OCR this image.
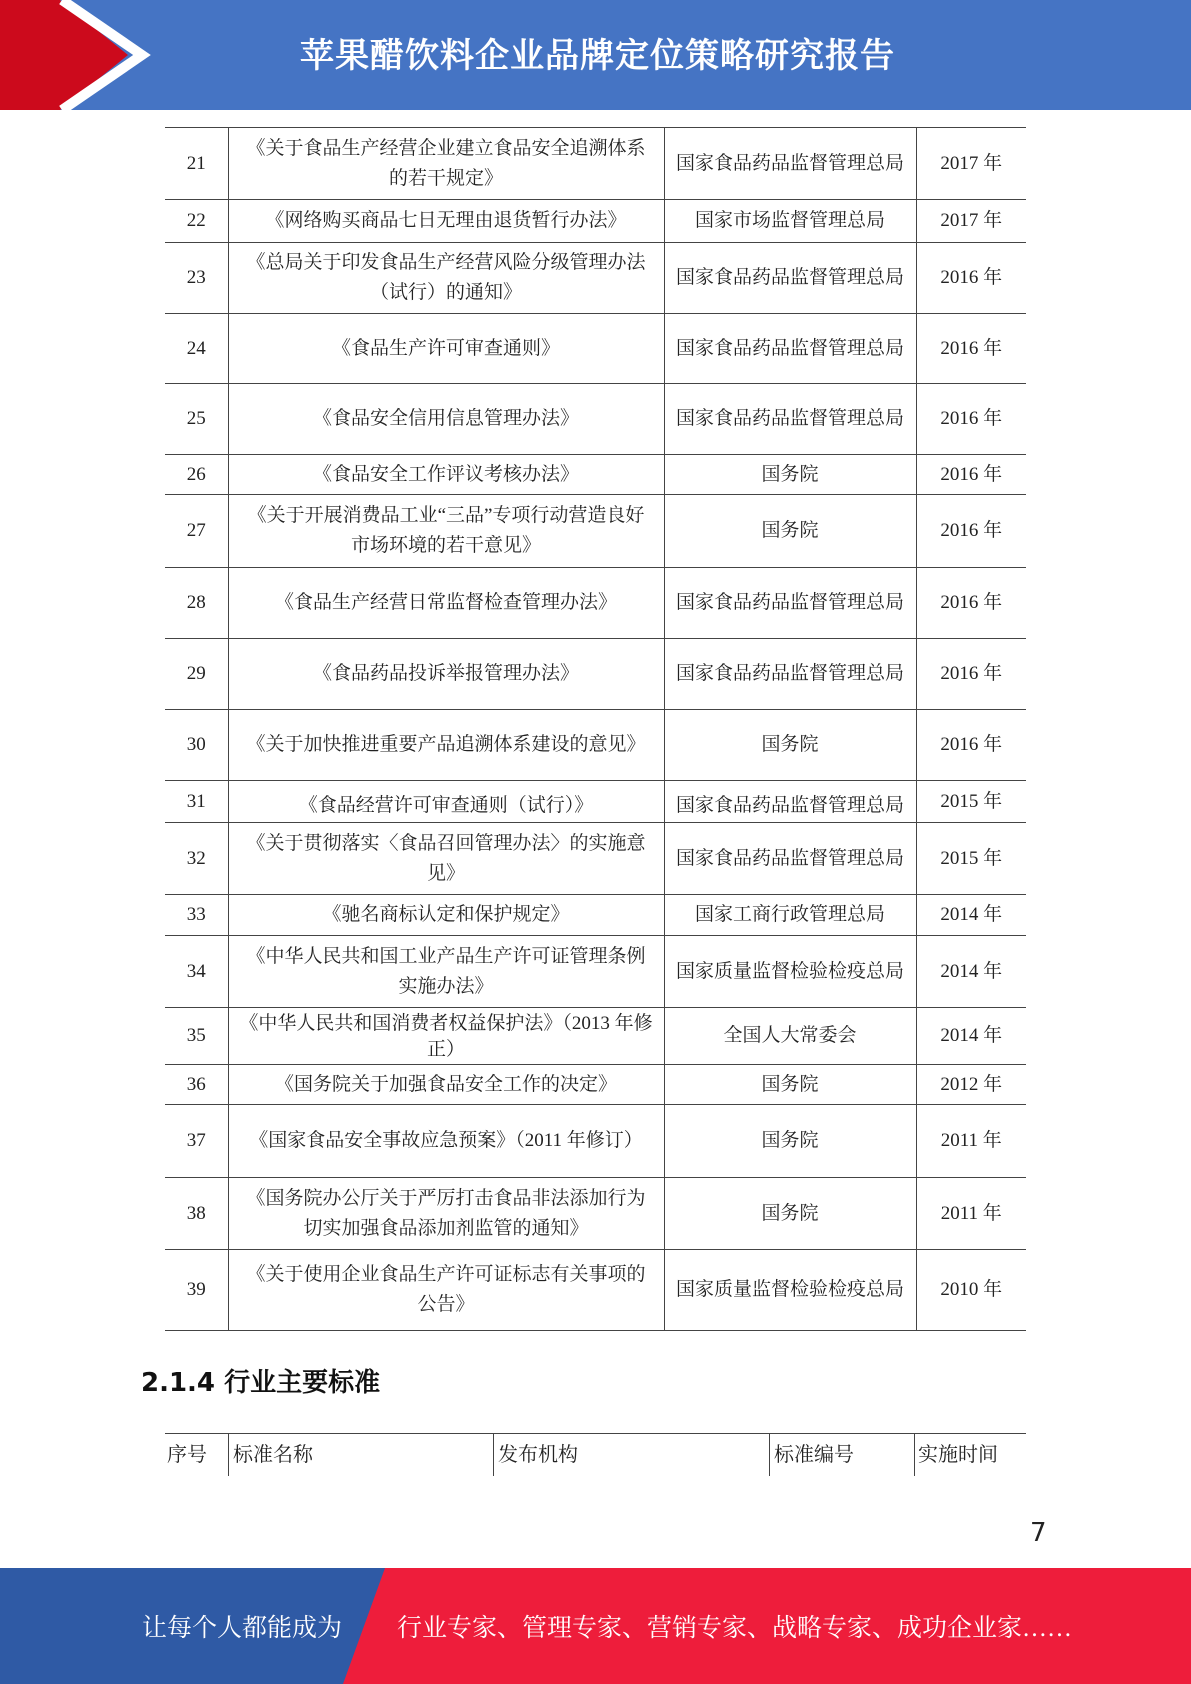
苹果醋饮料企业品牌定位策略研究报告
21	《关于食品生产经营企业建立食品安全追溯体系的若干规定》	国家食品药品监督管理总局	2017 年
22	《网络购买商品七日无理由退货暂行办法》	国家市场监督管理总局	2017 年
23	《总局关于印发食品生产经营风险分级管理办法（试行）的通知》	国家食品药品监督管理总局	2016 年
24	《食品生产许可审查通则》	国家食品药品监督管理总局	2016 年
25	《食品安全信用信息管理办法》	国家食品药品监督管理总局	2016 年
26	《食品安全工作评议考核办法》	国务院	2016 年
27	《关于开展消费品工业“三品”专项行动营造良好市场环境的若干意见》	国务院	2016 年
28	《食品生产经营日常监督检查管理办法》	国家食品药品监督管理总局	2016 年
29	《食品药品投诉举报管理办法》	国家食品药品监督管理总局	2016 年
30	《关于加快推进重要产品追溯体系建设的意见》	国务院	2016 年
31	《食品经营许可审查通则（试行）》	国家食品药品监督管理总局	2015 年
32	《关于贯彻落实〈食品召回管理办法〉的实施意见》	国家食品药品监督管理总局	2015 年
33	《驰名商标认定和保护规定》	国家工商行政管理总局	2014 年
34	《中华人民共和国工业产品生产许可证管理条例实施办法》	国家质量监督检验检疫总局	2014 年
35	《中华人民共和国消费者权益保护法》（2013 年修正）	全国人大常委会	2014 年
36	《国务院关于加强食品安全工作的决定》	国务院	2012 年
37	《国家食品安全事故应急预案》（2011 年修订）	国务院	2011 年
38	《国务院办公厅关于严厉打击食品非法添加行为切实加强食品添加剂监管的通知》	国务院	2011 年
39	《关于使用企业食品生产许可证标志有关事项的公告》	国家质量监督检验检疫总局	2010 年
2.1.4 行业主要标准
序号 标准名称	发布机构	标准编号	实施时间
7
让每个人都能成为 行业专家、管理专家、营销专家、战略专家、成功企业家……
